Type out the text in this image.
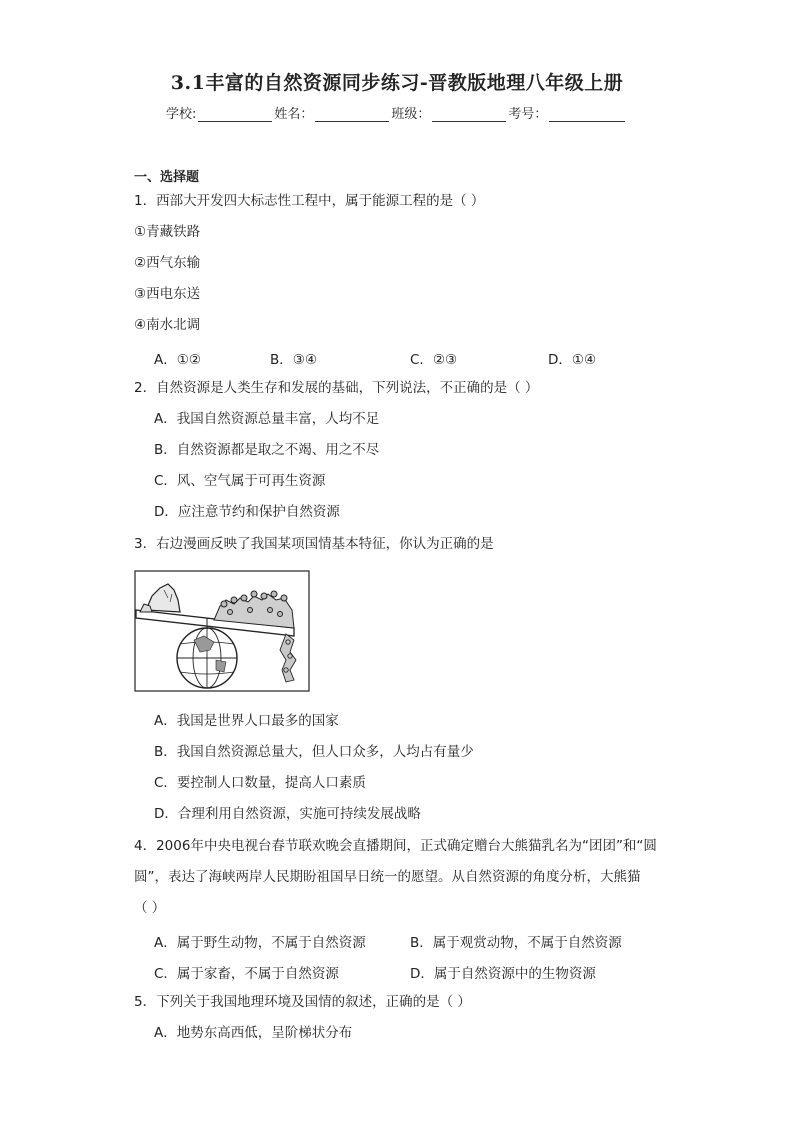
3.1丰富的自然资源同步练习-晋教版地理八年级上册
学校:	姓名：	班级：	考号：
一、选择题
1．西部大开发四大标志性工程中，属于能源工程的是（ ）
①青藏铁路
②西气东输
③西电东送
④南水北调
A．①②	B．③④	C．②③	D．①④
2．自然资源是人类生存和发展的基础，下列说法，不正确的是（ ）
A．我国自然资源总量丰富，人均不足
B．自然资源都是取之不竭、用之不尽
C．风、空气属于可再生资源
D．应注意节约和保护自然资源
3．右边漫画反映了我国某项国情基本特征，你认为正确的是
A．我国是世界人口最多的国家
B．我国自然资源总量大，但人口众多，人均占有量少
C．要控制人口数量，提高人口素质
D．合理利用自然资源，实施可持续发展战略
4．2006年中央电视台春节联欢晚会直播期间，正式确定赠台大熊猫乳名为“团团”和“圆
圆”，表达了海峡两岸人民期盼祖国早日统一的愿望。从自然资源的角度分析，大熊猫
（ ）
A．属于野生动物，不属于自然资源	B．属于观赏动物，不属于自然资源
C．属于家畜，不属于自然资源	D．属于自然资源中的生物资源
5．下列关于我国地理环境及国情的叙述，正确的是（ ）
A．地势东高西低，呈阶梯状分布
